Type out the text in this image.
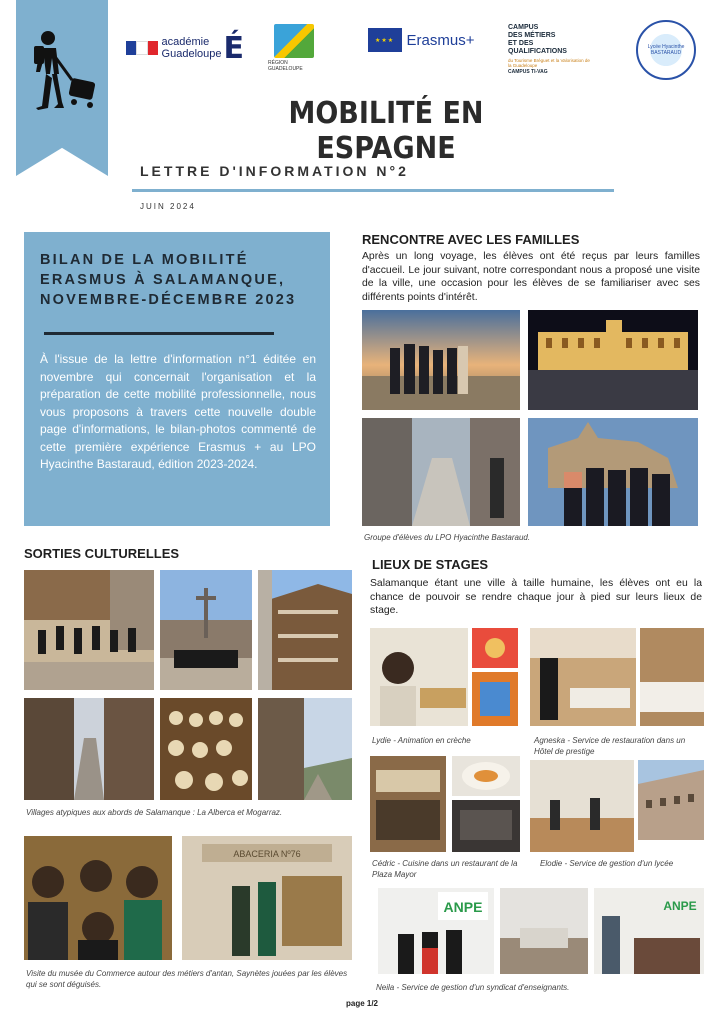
académie
Guadeloupe É	RÉGION GUADELOUPE
★★★ Erasmus+
CAMPUS
DES MÉTIERS
ET DES
QUALIFICATIONS
du Tourisme Bréguet et la Valorisation de la Guadeloupe
CAMPUS TI-VAG
Lycée Hyacinthe BASTARAUD
MOBILITÉ EN ESPAGNE
LETTRE D'INFORMATION N°2
JUIN 2024
BILAN DE LA MOBILITÉ ERASMUS À SALAMANQUE, NOVEMBRE-DÉCEMBRE 2023

À l'issue de la lettre d'information n°1 éditée en novembre qui concernait l'organisation et la préparation de cette mobilité professionnelle, nous vous proposons à travers cette nouvelle double page d'informations, le bilan-photos commenté de cette première expérience Erasmus + au LPO Hyacinthe Bastaraud, édition 2023-2024.

RENCONTRE AVEC LES FAMILLES
Après un long voyage, les élèves ont été reçus par leurs familles d'accueil. Le jour suivant, notre correspondant nous a proposé une visite de la ville, une occasion pour les élèves de se familiariser avec ses différents points d'intérêt.
Groupe d'élèves du LPO Hyacinthe Bastaraud.
SORTIES CULTURELLES
Villages atypiques aux abords de Salamanque : La Alberca et Mogarraz.
ABACERIA Nº76
Visite du musée du Commerce autour des métiers d'antan, Saynètes jouées par les élèves qui se sont déguisés.
LIEUX DE STAGES
Salamanque étant une ville à taille humaine, les élèves ont eu la chance de pouvoir se rendre chaque jour à pied sur leurs lieux de stage.
Lydie - Animation en crèche	Agneska - Service de restauration dans un Hôtel de prestige
Cédric - Cuisine dans un restaurant de la Plaza Mayor
Elodie - Service de gestion d'un lycée
ANPE	ANPE
Neila - Service de gestion d'un syndicat d'enseignants.
page 1/2
